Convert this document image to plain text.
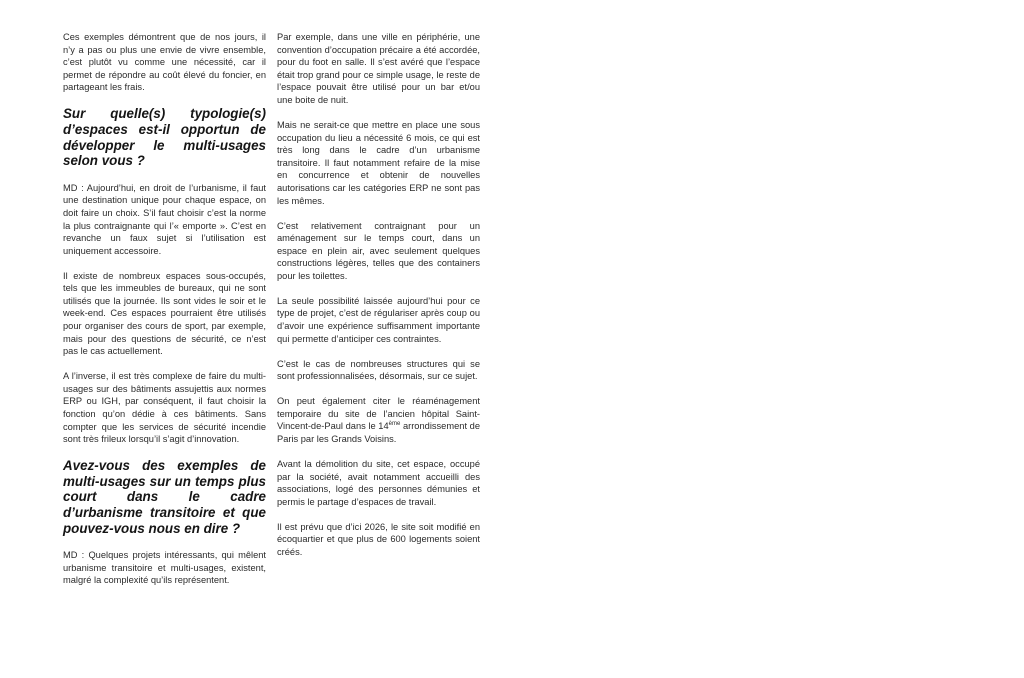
Ces exemples démontrent que de nos jours, il n’y a pas ou plus une envie de vivre ensemble, c’est plutôt vu comme une nécessité, car il permet de répondre au coût élevé du foncier, en partageant les frais.

Sur quelle(s) typologie(s) d’espaces est-il opportun de développer le multi-usages selon vous ?

MD : Aujourd’hui, en droit de l’urbanisme, il faut une destination unique pour chaque espace, on doit faire un choix. S’il faut choisir c’est la norme la plus contraignante qui l’« emporte ». C’est en revanche un faux sujet si l’utilisation est uniquement accessoire.

Il existe de nombreux espaces sous-occupés, tels que les immeubles de bureaux, qui ne sont utilisés que la journée. Ils sont vides le soir et le week-end. Ces espaces pourraient être utilisés pour organiser des cours de sport, par exemple, mais pour des questions de sécurité, ce n’est pas le cas actuellement.

A l’inverse, il est très complexe de faire du multi-usages sur des bâtiments assujettis aux normes ERP ou IGH, par conséquent, il faut choisir la fonction qu’on dédie à ces bâtiments. Sans compter que les services de sécurité incendie sont très frileux lorsqu’il s’agit d’innovation.

Avez-vous des exemples de multi-usages sur un temps plus court dans le cadre d’urbanisme transitoire et que pouvez-vous nous en dire ?

MD : Quelques projets intéressants, qui mêlent urbanisme transitoire et multi-usages, existent, malgré la complexité qu’ils représentent.

Par exemple, dans une ville en périphérie, une convention d’occupation précaire a été accordée, pour du foot en salle. Il s’est avéré que l’espace était trop grand pour ce simple usage, le reste de l’espace pouvait être utilisé pour un bar et/ou une boite de nuit.

Mais ne serait-ce que mettre en place une sous occupation du lieu a nécessité 6 mois, ce qui est très long dans le cadre d’un urbanisme transitoire. Il faut notamment refaire de la mise en concurrence et obtenir de nouvelles autorisations car les catégories ERP ne sont pas les mêmes.

C’est relativement contraignant pour un aménagement sur le temps court, dans un espace en plein air, avec seulement quelques constructions légères, telles que des containers pour les toilettes.

La seule possibilité laissée aujourd’hui pour ce type de projet, c’est de régulariser après coup ou d’avoir une expérience suffisamment importante qui permette d’anticiper ces contraintes.

C’est le cas de nombreuses structures qui se sont professionnalisées, désormais, sur ce sujet.

On peut également citer le réaménagement temporaire du site de l’ancien hôpital Saint-Vincent-de-Paul dans le 14ème arrondissement de Paris par les Grands Voisins.

Avant la démolition du site, cet espace, occupé par la société, avait notamment accueilli des associations, logé des personnes démunies et permis le partage d’espaces de travail.

Il est prévu que d’ici 2026, le site soit modifié en écoquartier et que plus de 600 logements soient créés.
